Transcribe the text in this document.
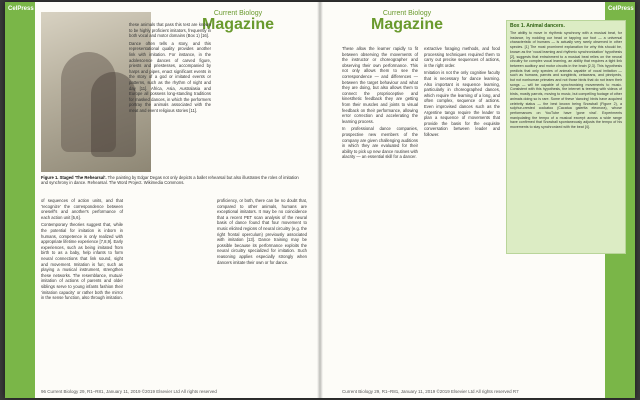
CelPress
Current Biology
Magazine
Figure 1. Staged 'The Rehearsal'. The painting by Edgar Degas not only depicts a ballet rehearsal but also illustrates the roles of imitation and synchrony in dance. Rehearsal. The Word Project. Wikimedia Commons.

of sequences of action units, and that 'recognize' the correspondence between oneself's and another's performance of each action unit [5,6].

Contemporary theories suggest that, while the potential for imitation is inborn in humans, competence is only realized with appropriate lifetime experience [7,8,9]. Early experiences, such as being imitated from birth to as a baby, help infants to form neural connections that link sound, sight and movement. Imitation is fun; such as playing a musical instrument, strengthen these networks. The resemblance, mutual-imitation of actions of parents and older siblings serve to young infants fashion their 'imitation capacity' or rather both the mirror in the sense function, also through imitation.

these animals that pass this test are known to be highly proficient imitators, frequently in both vocal and motor domains (Box 1) [16].

Dance often tells a story, and this representational quality provides another link with imitation. For instance, in the adolescence dances of carved figure, priests and priestesses, accompanied by harps and pipes, enact significant events in the story of a god or imitated events or patterns, such as the rhythm of night and day [11]. Africa, Asia, Australasia and Europe all possess long-standing traditions for masked dances, in which the performers portray the animals associated with the meat and event religious stories [11].

proficiency, or both, there can be no doubt that, compared to other animals, humans are exceptional imitators. It may be no coincidence that a recent PET scan analysis of the neural basis of dance found that four movement to music elicited regions of neural circuitry (e.g. the right frontal operculum) previously associated with imitation [13]. Dance training may be possible because its performance exploits the neural circuitry specialized for imitation. Such reasoning applies especially strongly when dancers imitate their own or for dance.

96 Current Biology 29, R1–R81, January 11, 2019 ©2019 Elsevier Ltd All rights reserved
CelPress
Current Biology
Magazine

These allow the learner rapidly to fit between observing the movements of the instructor or choreographer and observing their own performance. This not only allows them to see the correspondence — and differences — between the target behaviour and what they are doing, but also allows them to connect the proprioceptive and kinesthetic feedback they are getting from their muscles and joints to visual feedback on their performance, allowing error correction and accelerating the learning process.

In professional dance companies, prospective new members of the company are given challenging auditions in which they are evaluated for their ability to pick up new dance routines with alacrity — an essential skill for a dancer.

extractive foraging methods, and food processing techniques required them to carry out precise sequences of actions, in the right order.

Imitation is not the only cognitive faculty that is necessary for dance learning. Also important is sequence learning, particularly in choreographed dances, which require the learning of a long, and often complex, sequence of actions. Even improvised dances such as the Argentine tango require the leader to plan a sequence of movements that provide the basis for the exquisite conversation between leader and follower.

Box 1. Animal dancers.
The ability to move in rhythmic synchrony with a musical beat, for instance, by nodding our head or tapping our foot — a universal characteristic of humans — is actually very rarely observed in other species. [1] The most prominent explanation for why this should be, known as the 'vocal learning and rhythmic synchronization' hypothesis [2], suggests that entrainment to a musical beat relies on the neural circuitry for complex vocal learning, an ability that requires a tight link between auditory and motor circuits in the brain [2,3]. This hypothesis predicts that only species of animals capable of vocal imitation — such as humans, parrots and songbirds, cetaceans, and pinnipeds, but not nonhuman primates and not those birds that do not learn their songs — will be capable of synchronizing movements to music. Consistent with this hypothesis, the internet is teeming with videos of birds, mostly parrots, moving to music, but compelling footage of other animals doing so is rare. Some of these 'dancing' birds have acquired celebrity status — the best known being Snowball (Figure 2), a sulphur-crested cockatoo (Cacatua galerita eleonora), whose performances on YouTube have 'gone viral'. Experiments manipulating the tempo of a musical excerpt across a wide range have confirmed that Snowball spontaneously adjusts the tempo of his movements to stay synchronized with the beat [4].
Current Biology 29, R1–R81, January 11, 2019 ©2019 Elsevier Ltd All rights reserved R7
